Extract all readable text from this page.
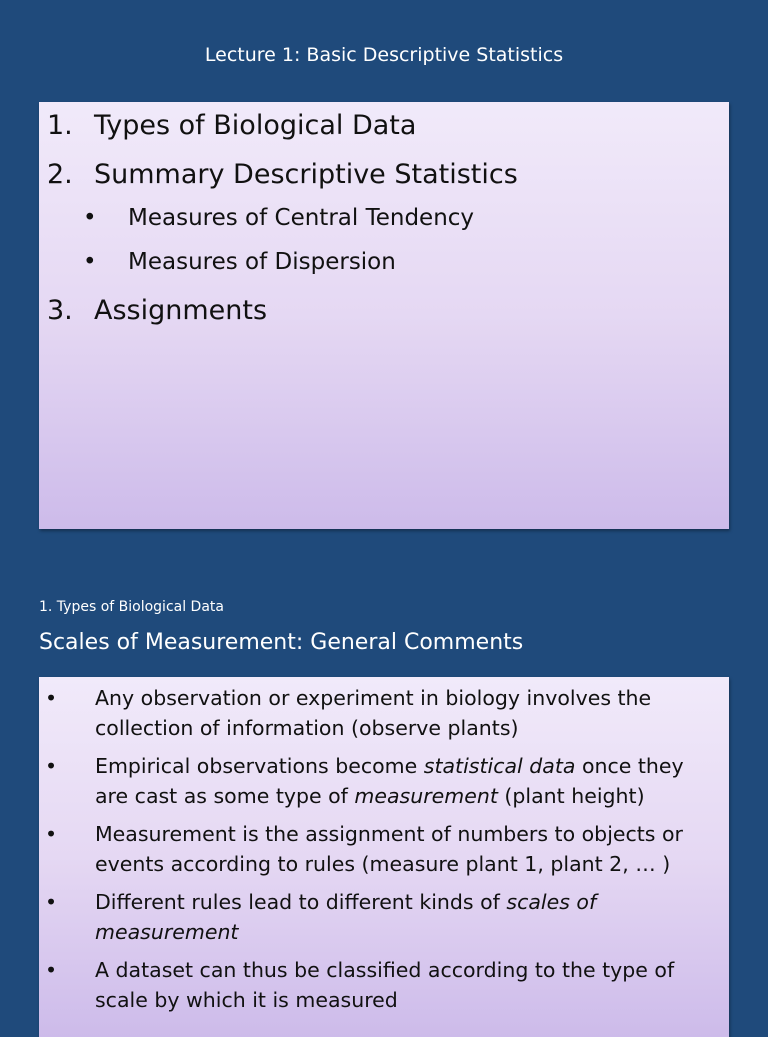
Lecture 1: Basic Descriptive Statistics
1. Types of Biological Data
2. Summary Descriptive Statistics
• Measures of Central Tendency
• Measures of Dispersion
3. Assignments
1. Types of Biological Data
Scales of Measurement: General Comments
• Any observation or experiment in biology involves the collection of information (observe plants)
• Empirical observations become statistical data once they are cast as some type of measurement (plant height)
• Measurement is the assignment of numbers to objects or events according to rules (measure plant 1, plant 2, … )
• Different rules lead to different kinds of scales of measurement
• A dataset can thus be classified according to the type of scale by which it is measured
